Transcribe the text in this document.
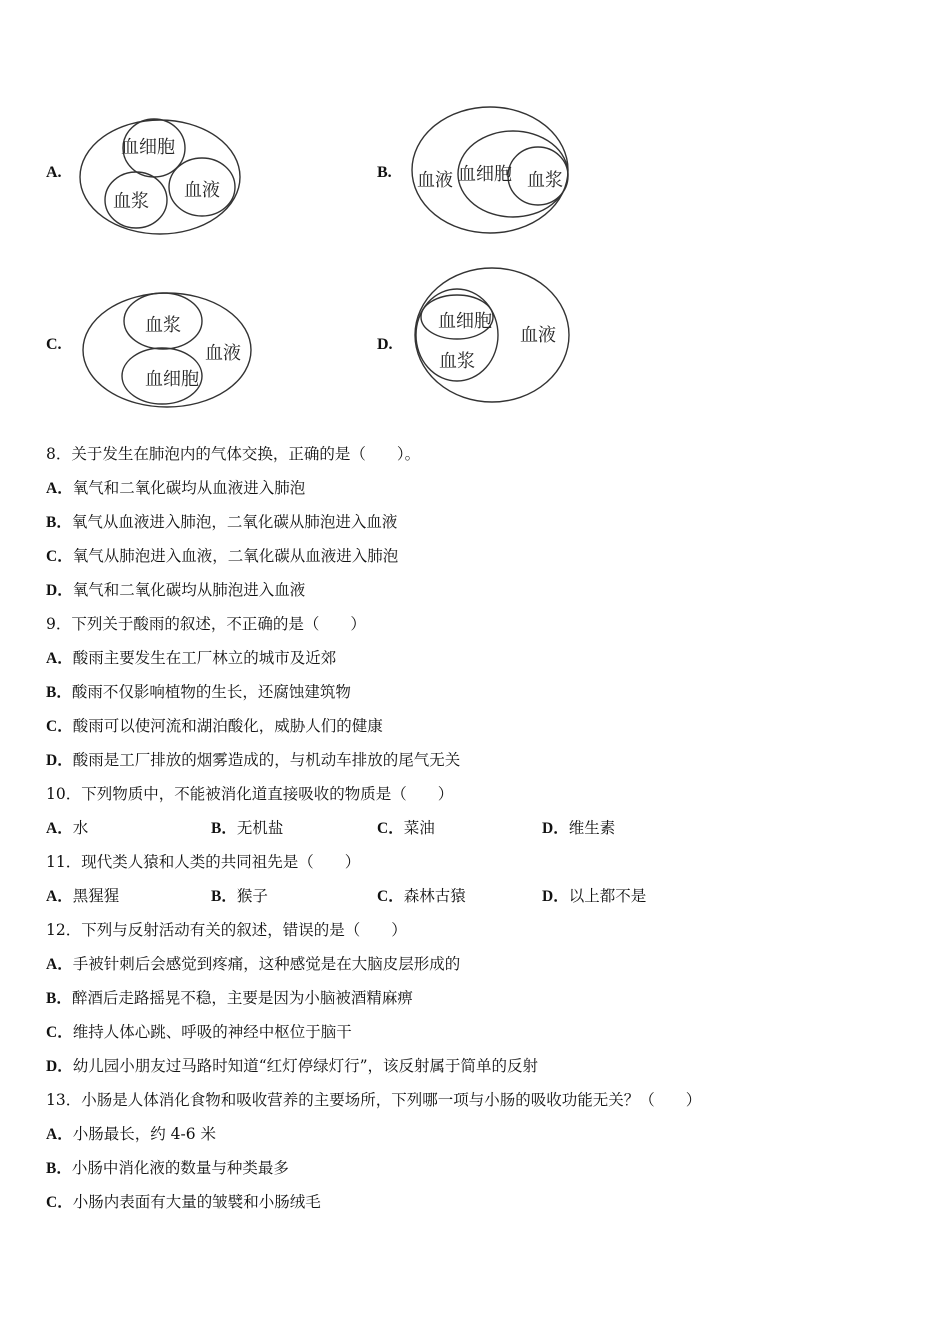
A.
血细胞
血浆
血液
B. 血液 血细胞 血浆
C.
血浆
血液
血细胞
D.
血细胞
血液
血浆
8．关于发生在肺泡内的气体交换，正确的是（　　）。
A．氧气和二氧化碳均从血液进入肺泡
B．氧气从血液进入肺泡，二氧化碳从肺泡进入血液
C．氧气从肺泡进入血液，二氧化碳从血液进入肺泡
D．氧气和二氧化碳均从肺泡进入血液
9．下列关于酸雨的叙述，不正确的是（　　）
A．酸雨主要发生在工厂林立的城市及近郊
B．酸雨不仅影响植物的生长，还腐蚀建筑物
C．酸雨可以使河流和湖泊酸化，威胁人们的健康
D．酸雨是工厂排放的烟雾造成的，与机动车排放的尾气无关
10．下列物质中，不能被消化道直接吸收的物质是（　　）
A．水	B．无机盐	C．菜油	D．维生素
11．现代类人猿和人类的共同祖先是（　　）
A．黑猩猩	B．猴子	C．森林古猿	D．以上都不是
12．下列与反射活动有关的叙述，错误的是（　　）
A．手被针刺后会感觉到疼痛，这种感觉是在大脑皮层形成的
B．醉酒后走路摇晃不稳，主要是因为小脑被酒精麻痹
C．维持人体心跳、呼吸的神经中枢位于脑干
D．幼儿园小朋友过马路时知道“红灯停绿灯行”，该反射属于简单的反射
13．小肠是人体消化食物和吸收营养的主要场所，下列哪一项与小肠的吸收功能无关？（　　）
A．小肠最长，约 4-6 米
B．小肠中消化液的数量与种类最多
C．小肠内表面有大量的皱襞和小肠绒毛
